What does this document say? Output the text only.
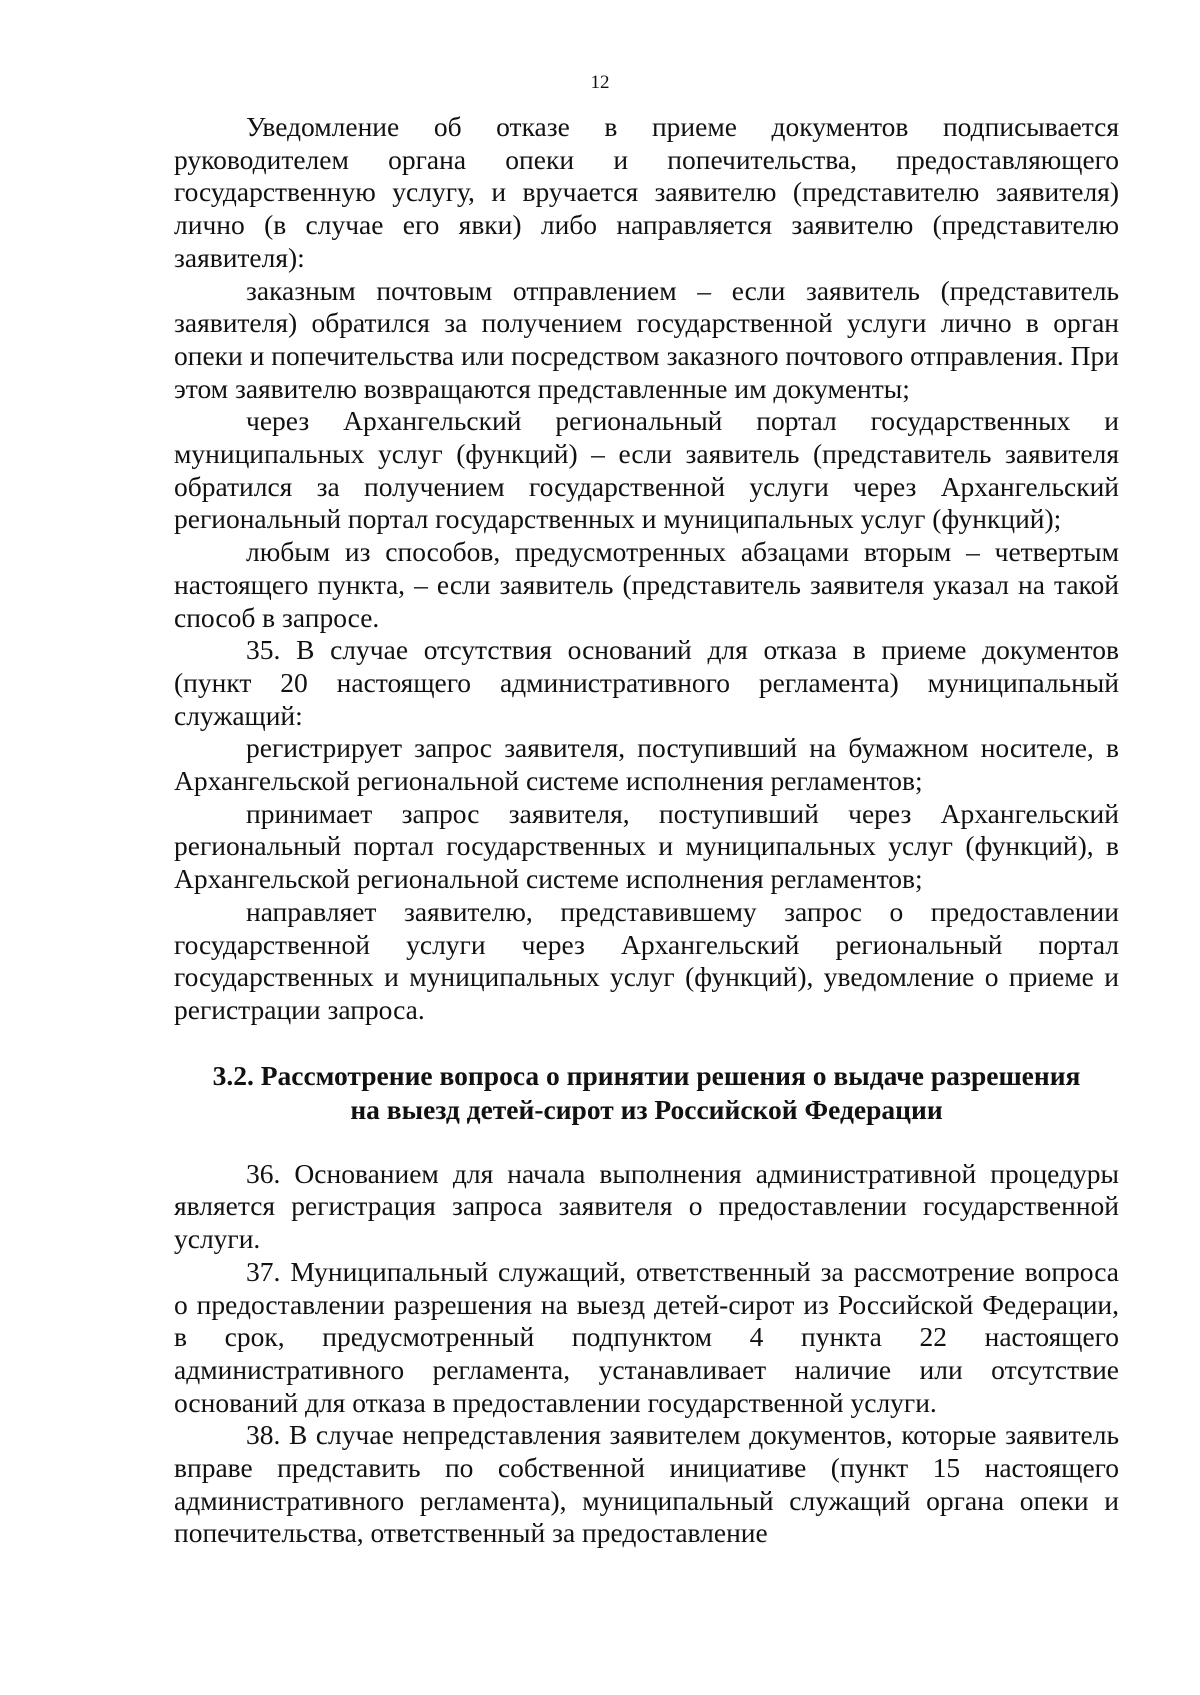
12

Уведомление об отказе в приеме документов подписывается руководителем органа опеки и попечительства, предоставляющего государственную услугу, и вручается заявителю (представителю заявителя) лично (в случае его явки) либо направляется заявителю (представителю заявителя):

заказным почтовым отправлением – если заявитель (представитель заявителя) обратился за получением государственной услуги лично в орган опеки и попечительства или посредством заказного почтового отправления. При этом заявителю возвращаются представленные им документы;

через Архангельский региональный портал государственных и муниципальных услуг (функций) – если заявитель (представитель заявителя обратился за получением государственной услуги через Архангельский региональный портал государственных и муниципальных услуг (функций);

любым из способов, предусмотренных абзацами вторым – четвертым настоящего пункта, – если заявитель (представитель заявителя указал на такой способ в запросе.

35. В случае отсутствия оснований для отказа в приеме документов (пункт 20 настоящего административного регламента) муниципальный служащий:

регистрирует запрос заявителя, поступивший на бумажном носителе, в Архангельской региональной системе исполнения регламентов;

принимает запрос заявителя, поступивший через Архангельский региональный портал государственных и муниципальных услуг (функций), в Архангельской региональной системе исполнения регламентов;

направляет заявителю, представившему запрос о предоставлении государственной услуги через Архангельский региональный портал государственных и муниципальных услуг (функций), уведомление о приеме и регистрации запроса.

3.2. Рассмотрение вопроса о принятии решения о выдаче разрешения
на выезд детей-сирот из Российской Федерации

36. Основанием для начала выполнения административной процедуры является регистрация запроса заявителя о предоставлении государственной услуги.

37. Муниципальный служащий, ответственный за рассмотрение вопроса о предоставлении разрешения на выезд детей-сирот из Российской Федерации, в срок, предусмотренный подпунктом 4 пункта 22 настоящего административного регламента, устанавливает наличие или отсутствие оснований для отказа в предоставлении государственной услуги.

38. В случае непредставления заявителем документов, которые заявитель вправе представить по собственной инициативе (пункт 15 настоящего административного регламента), муниципальный служащий органа опеки и попечительства, ответственный за предоставление
